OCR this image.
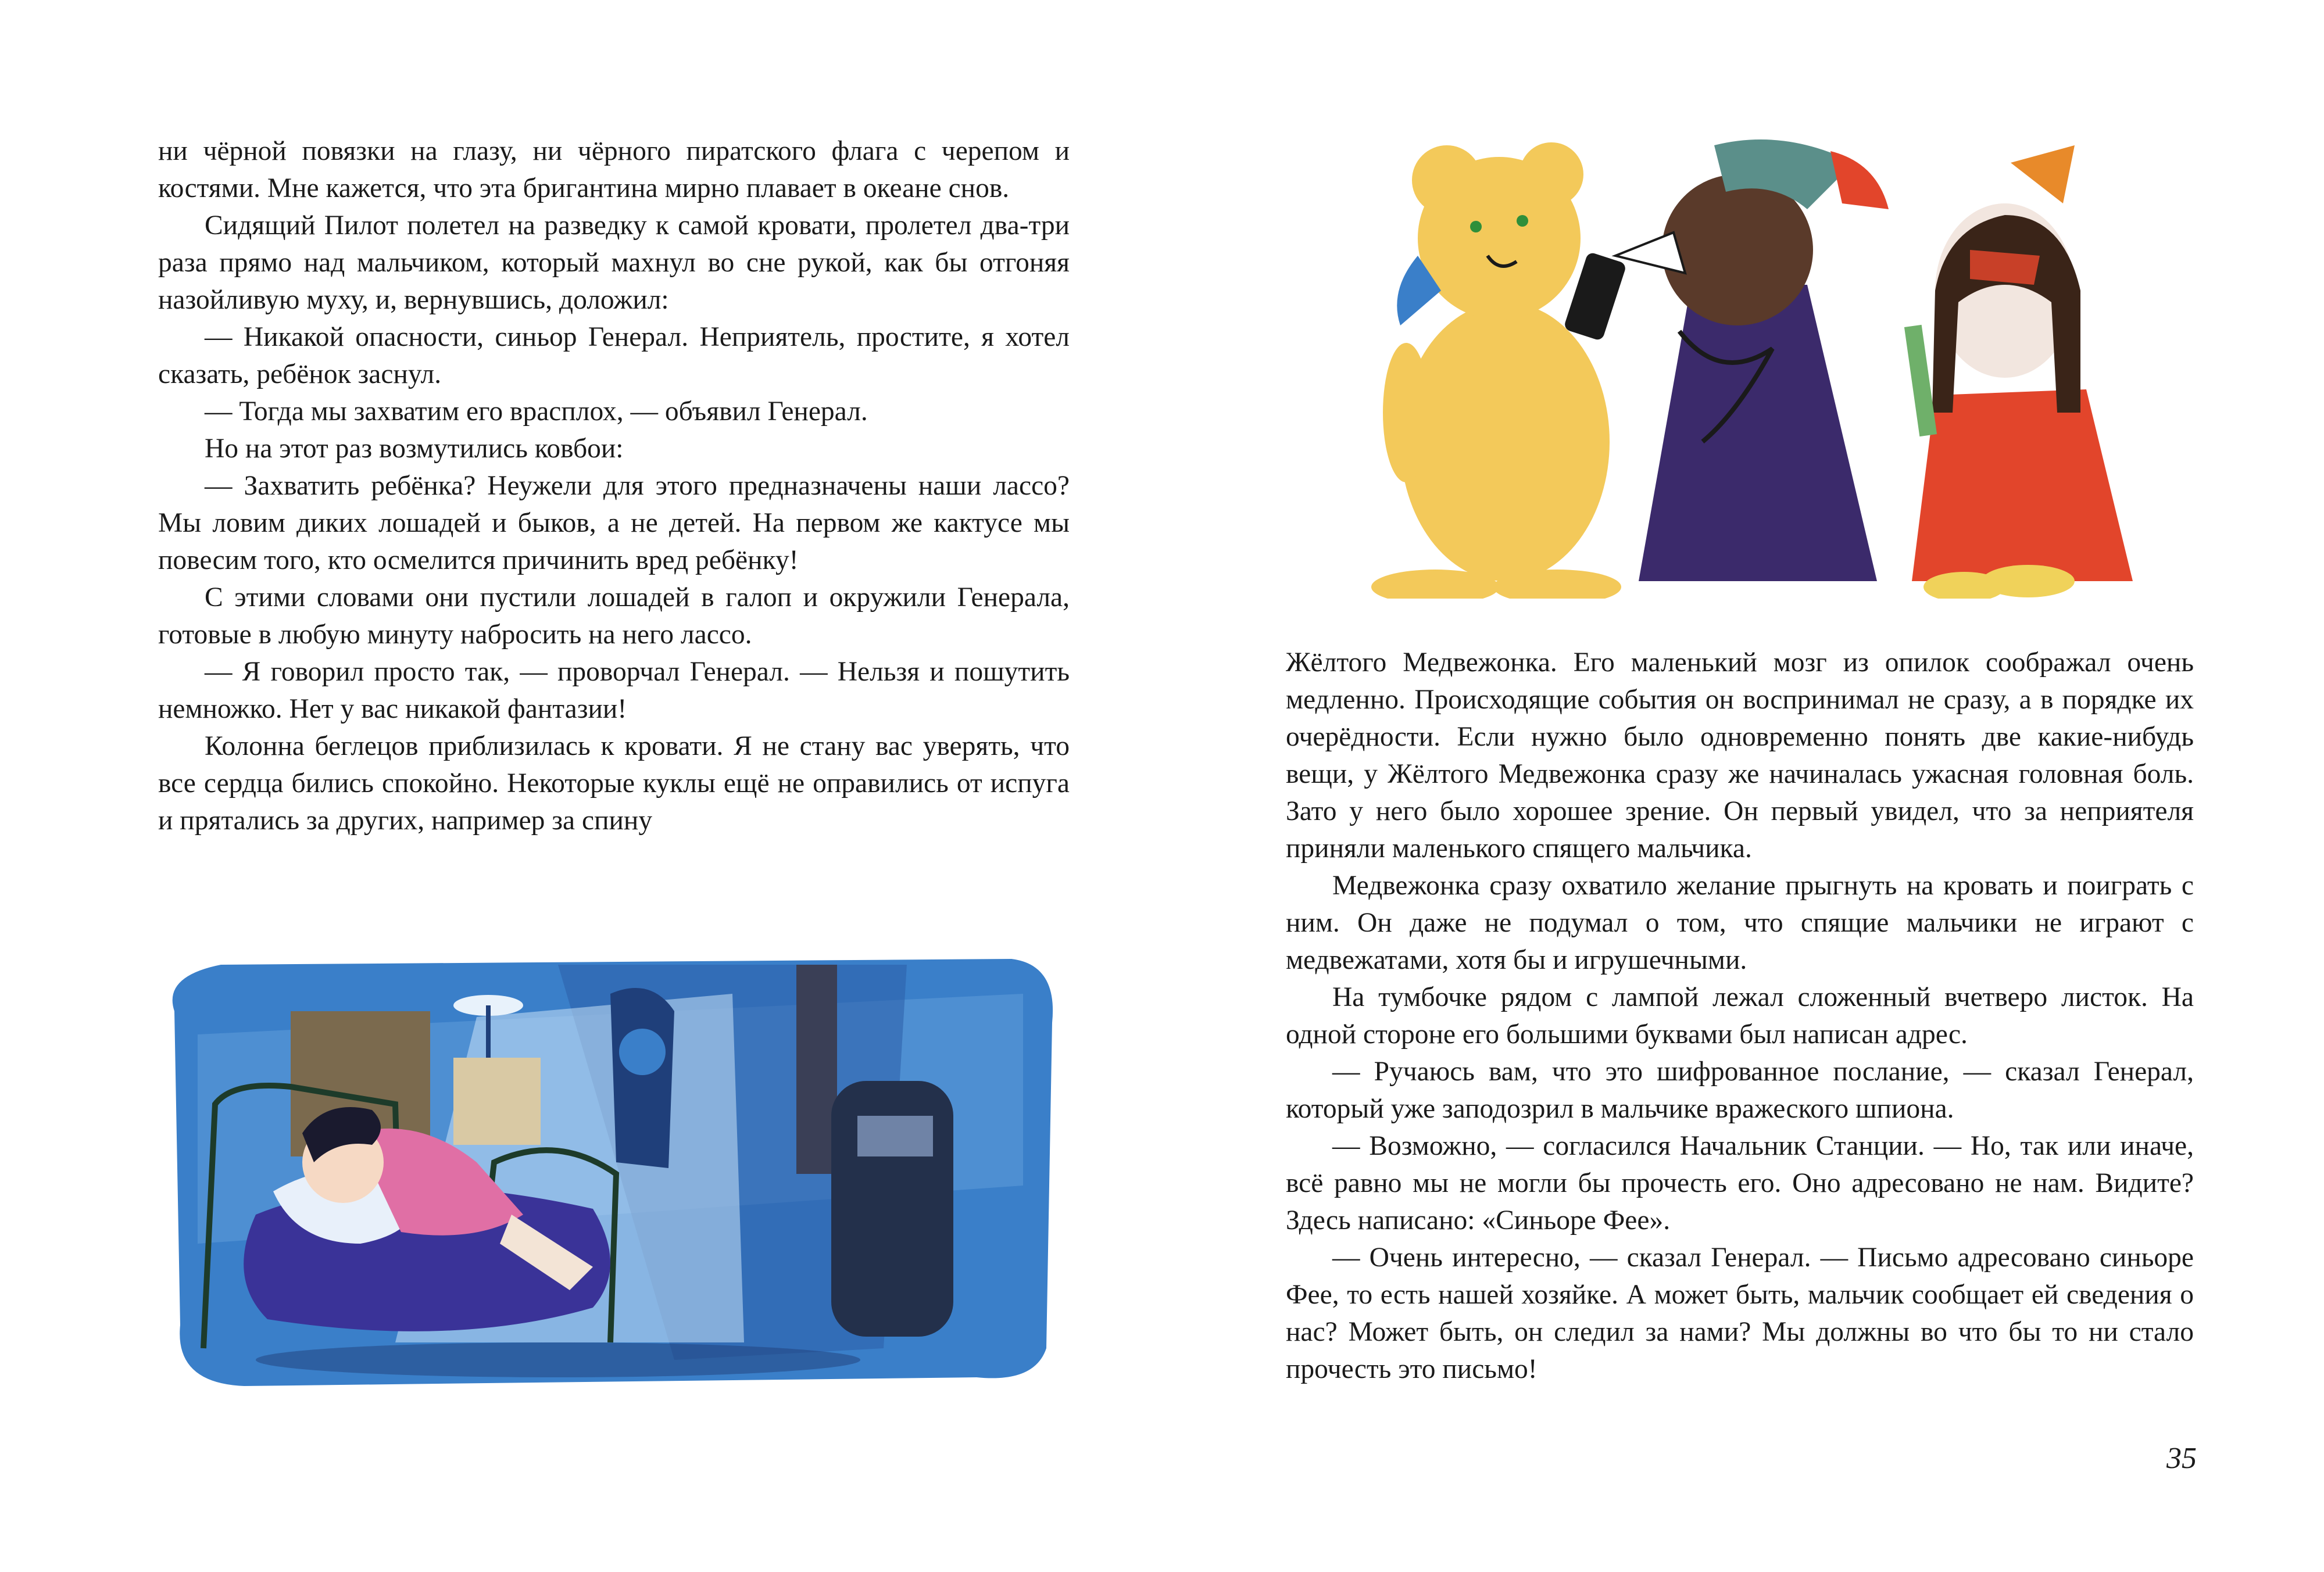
ни чёрной повязки на глазу, ни чёрного пиратского флага с черепом и костями. Мне кажется, что эта бригантина мирно плавает в океане снов.

Сидящий Пилот полетел на разведку к самой кровати, пролетел два-три раза прямо над мальчиком, который махнул во сне рукой, как бы отгоняя назойливую муху, и, вернувшись, доложил:

— Никакой опасности, синьор Генерал. Неприятель, простите, я хотел сказать, ребёнок заснул.

— Тогда мы захватим его врасплох, — объявил Генерал.

Но на этот раз возмутились ковбои:

— Захватить ребёнка? Неужели для этого предназначены наши лассо? Мы ловим диких лошадей и быков, а не детей. На первом же кактусе мы повесим того, кто осмелится причинить вред ребёнку!

С этими словами они пустили лошадей в галоп и окружили Генерала, готовые в любую минуту набросить на него лассо.

— Я говорил просто так, — проворчал Генерал. — Нельзя и пошутить немножко. Нет у вас никакой фантазии!

Колонна беглецов приблизилась к кровати. Я не стану вас уверять, что все сердца бились спокойно. Некоторые куклы ещё не оправились от испуга и прятались за других, например за спину

Жёлтого Медвежонка. Его маленький мозг из опилок соображал очень медленно. Происходящие события он воспринимал не сразу, а в порядке их очерёдности. Если нужно было одновременно понять две какие-нибудь вещи, у Жёлтого Медвежонка сразу же начиналась ужасная головная боль. Зато у него было хорошее зрение. Он первый увидел, что за неприятеля приняли маленького спящего мальчика.

Медвежонка сразу охватило желание прыгнуть на кровать и поиграть с ним. Он даже не подумал о том, что спящие мальчики не играют с медвежатами, хотя бы и игрушечными.

На тумбочке рядом с лампой лежал сложенный вчетверо листок. На одной стороне его большими буквами был написан адрес.

— Ручаюсь вам, что это шифрованное послание, — сказал Генерал, который уже заподозрил в мальчике вражеского шпиона.

— Возможно, — согласился Начальник Станции. — Но, так или иначе, всё равно мы не могли бы прочесть его. Оно адресовано не нам. Видите? Здесь написано: «Синьоре Фее».

— Очень интересно, — сказал Генерал. — Письмо адресовано синьоре Фее, то есть нашей хозяйке. А может быть, мальчик сообщает ей сведения о нас? Может быть, он следил за нами? Мы должны во что бы то ни стало прочесть это письмо!

35
